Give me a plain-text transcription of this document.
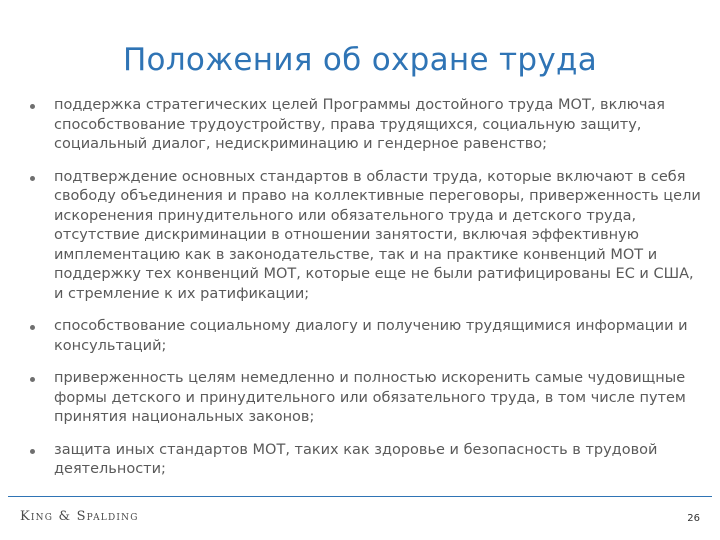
Положения об охране труда
поддержка стратегических целей Программы достойного труда МОТ, включая способствование трудоустройству, права трудящихся, социальную защиту, социальный диалог, недискриминацию и гендерное равенство;
подтверждение основных стандартов в области труда, которые включают в себя свободу объединения и право на коллективные переговоры, приверженность цели искоренения принудительного или обязательного труда и детского труда, отсутствие дискриминации в отношении занятости, включая эффективную имплементацию как в законодательстве, так и на практике конвенций МОТ и поддержку тех конвенций МОТ, которые еще не были ратифицированы ЕС и США, и стремление к их ратификации;
способствование социальному диалогу и получению трудящимися информации и консультаций;
приверженность целям немедленно и полностью искоренить самые чудовищные формы детского и принудительного или обязательного труда, в том числе путем принятия национальных законов;
защита иных стандартов МОТ, таких как здоровье и безопасность в трудовой деятельности;
King & Spalding	26
